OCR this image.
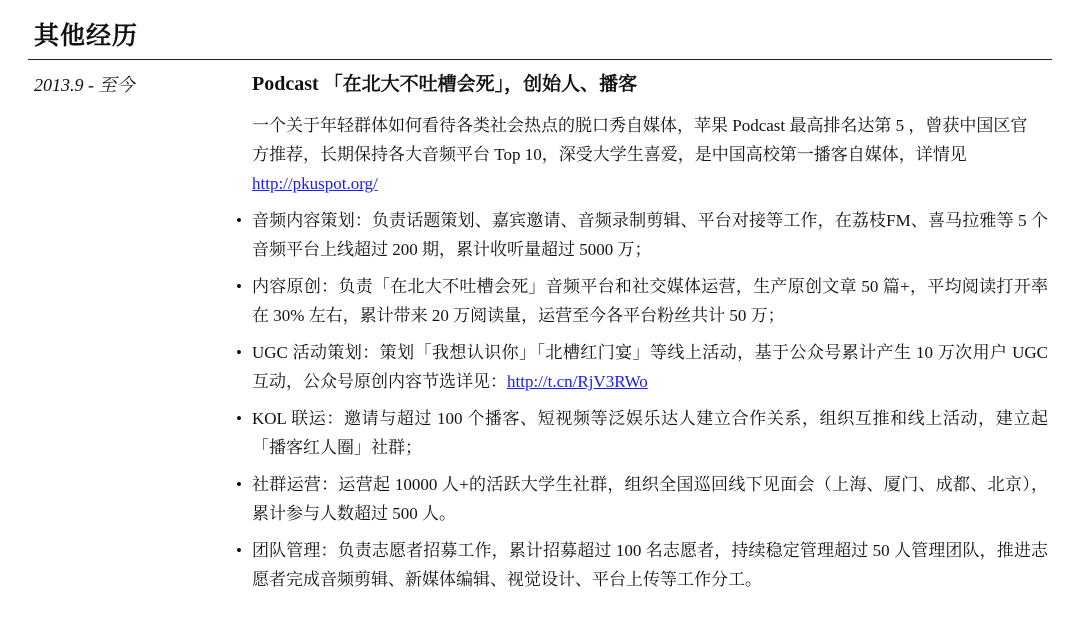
其他经历
2013.9 - 至今	Podcast 「在北大不吐槽会死」，创始人、播客

一个关于年轻群体如何看待各类社会热点的脱口秀自媒体，苹果 Podcast 最高排名达第 5 ，曾获中国区官方推荐，长期保持各大音频平台 Top 10，深受大学生喜爱，是中国高校第一播客自媒体，详情见 http://pkuspot.org/

• 音频内容策划：负责话题策划、嘉宾邀请、音频录制剪辑、平台对接等工作，在荔枝FM、喜马拉雅等 5 个音频平台上线超过 200 期，累计收听量超过 5000 万；
• 内容原创：负责「在北大不吐槽会死」音频平台和社交媒体运营，生产原创文章 50 篇+，平均阅读打开率在 30% 左右，累计带来 20 万阅读量，运营至今各平台粉丝共计 50 万；
• UGC 活动策划：策划「我想认识你」「北槽红门宴」等线上活动，基于公众号累计产生 10 万次用户 UGC 互动，公众号原创内容节选详见：http://t.cn/RjV3RWo
• KOL 联运：邀请与超过 100 个播客、短视频等泛娱乐达人建立合作关系，组织互推和线上活动，建立起「播客红人圈」社群；
• 社群运营：运营起 10000 人+的活跃大学生社群，组织全国巡回线下见面会（上海、厦门、成都、北京），累计参与人数超过 500 人。
• 团队管理：负责志愿者招募工作，累计招募超过 100 名志愿者，持续稳定管理超过 50 人管理团队，推进志愿者完成音频剪辑、新媒体编辑、视觉设计、平台上传等工作分工。
